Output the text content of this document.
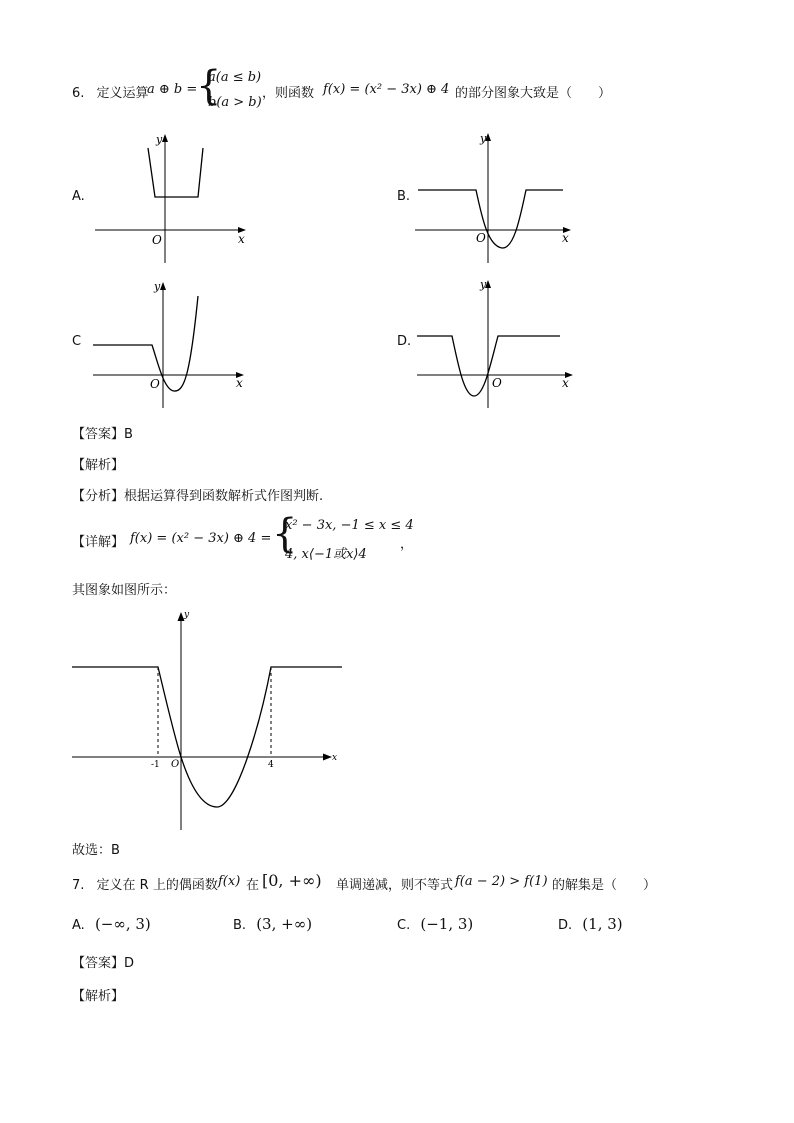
6. 定义运算
a ⊕ b =
{
a(a ≤ b)
b(a > b)
，则函数 f(x) = (x² − 3x) ⊕ 4 的部分图象大致是（　　）
A.
y
x
O
B.
y
x
O
C
y
x
O
D.
y
x
O
【答案】B
【解析】
【分析】根据运算得到函数解析式作图判断.
【详解】 f(x) = (x² − 3x) ⊕ 4 = {
x² − 3x, −1 ≤ x ≤ 4
4, x⟨−1或x⟩4
，
其图象如图所示：
y
x
-1 O	4
故选：B
7. 定义在 R 上的偶函数 f(x) 在 [0, +∞) 单调递减，则不等式 f(a − 2) > f(1) 的解集是（　　）
A. (−∞, 3)	B. (3, +∞)	C. (−1, 3)	D. (1, 3)
【答案】D
【解析】
